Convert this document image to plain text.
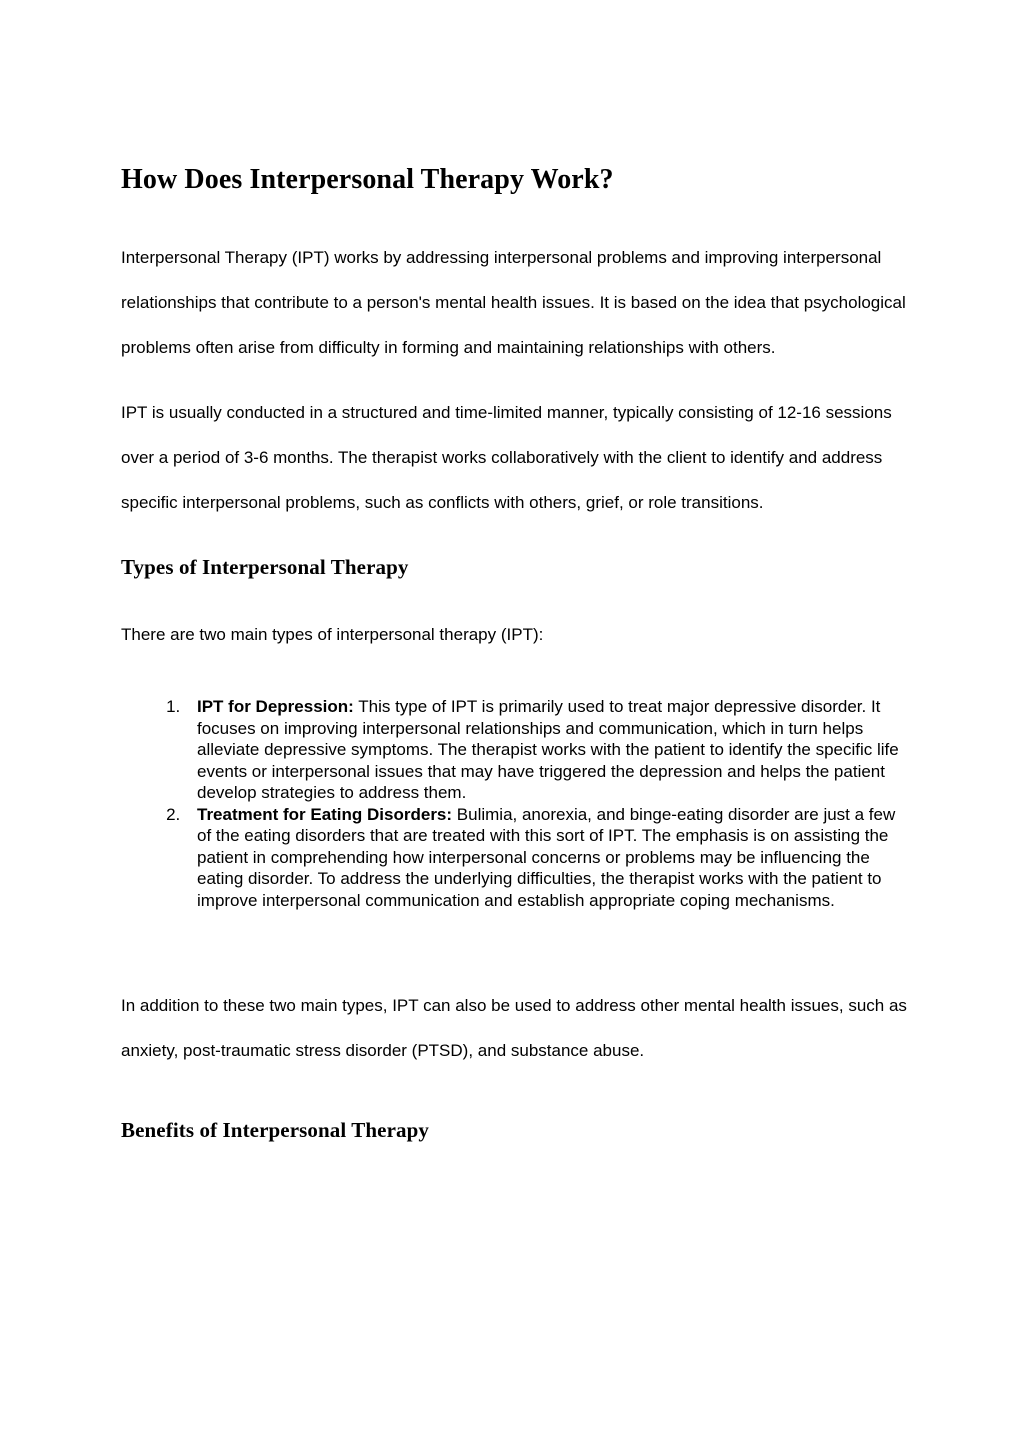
How Does Interpersonal Therapy Work?

Interpersonal Therapy (IPT) works by addressing interpersonal problems and improving interpersonal relationships that contribute to a person's mental health issues. It is based on the idea that psychological problems often arise from difficulty in forming and maintaining relationships with others.

IPT is usually conducted in a structured and time-limited manner, typically consisting of 12-16 sessions over a period of 3-6 months. The therapist works collaboratively with the client to identify and address specific interpersonal problems, such as conflicts with others, grief, or role transitions.

Types of Interpersonal Therapy

There are two main types of interpersonal therapy (IPT):

1. IPT for Depression: This type of IPT is primarily used to treat major depressive disorder. It focuses on improving interpersonal relationships and communication, which in turn helps alleviate depressive symptoms. The therapist works with the patient to identify the specific life events or interpersonal issues that may have triggered the depression and helps the patient develop strategies to address them.
2. Treatment for Eating Disorders: Bulimia, anorexia, and binge-eating disorder are just a few of the eating disorders that are treated with this sort of IPT. The emphasis is on assisting the patient in comprehending how interpersonal concerns or problems may be influencing the eating disorder. To address the underlying difficulties, the therapist works with the patient to improve interpersonal communication and establish appropriate coping mechanisms.

In addition to these two main types, IPT can also be used to address other mental health issues, such as anxiety, post-traumatic stress disorder (PTSD), and substance abuse.

Benefits of Interpersonal Therapy
